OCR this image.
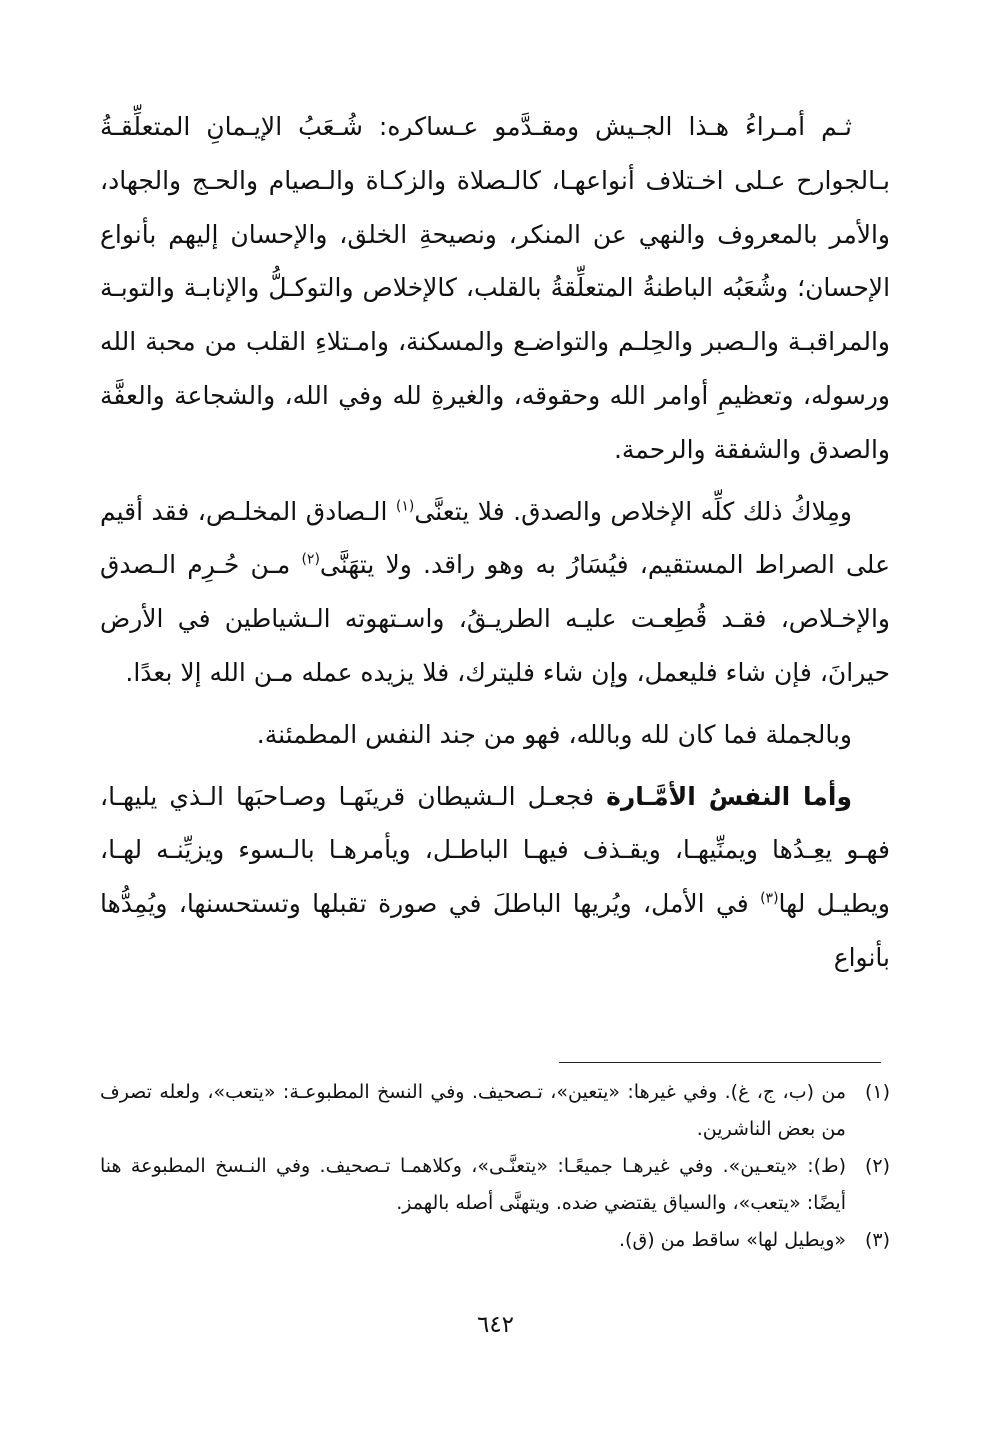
ثـم أمـراءُ هـذا الجـيش ومقـدَّمو عـساكره: شُـعَبُ الإيـمانِ المتعلِّقـةُ بـالجوارح عـلى اخـتلاف أنواعهـا، كالـصلاة والزكـاة والـصيام والحـج والجهاد، والأمر بالمعروف والنهي عن المنكر، ونصيحةِ الخلق، والإحسان إليهم بأنواع الإحسان؛ وشُعَبُه الباطنةُ المتعلِّقةُ بالقلب، كالإخلاص والتوكـلُّ والإنابـة والتوبـة والمراقبـة والـصبر والحِلـم والتواضـع والمسكنة، وامـتلاءِ القلب من محبة الله ورسوله، وتعظيمِ أوامر الله وحقوقه، والغيرةِ لله وفي الله، والشجاعة والعفَّة والصدق والشفقة والرحمة.

ومِلاكُ ذلك كلِّه الإخلاص والصدق. فلا يتعنَّى$^{(١)}$ الـصادق المخلـص، فقد أقيم على الصراط المستقيم، فيُسَارُ به وهو راقد. ولا يتهَنَّى$^{(٢)}$ مـن حُـرِم الـصدق والإخـلاص، فقـد قُطِعـت عليـه الطريـقُ، واسـتهوته الـشياطين في الأرض حيرانَ، فإن شاء فليعمل، وإن شاء فليترك، فلا يزيده عمله مـن الله إلا بعدًا.

وبالجملة فما كان لله وبالله، فهو من جند النفس المطمئنة.

وأما النفسُ الأمَّـارة فجعـل الـشيطان قرينَهـا وصـاحبَها الـذي يليهـا، فهـو يعِـدُها ويمنِّيهـا، ويقـذف فيهـا الباطـل، ويأمرهـا بالـسوء ويزيِّنـه لهـا، ويطيـل لها$^{(٣)}$ في الأمل، ويُريها الباطلَ في صورة تقبلها وتستحسنها، ويُمِدُّها بأنواع

(١)
من (ب، ج، غ). وفي غيرها: «يتعين»، تـصحيف. وفي النسخ المطبوعـة: «يتعب»، ولعله تصرف من بعض الناشرين.
(٢)
(ط): «يتعـين». وفي غيرهـا جميعًـا: «يتعنَّـى»، وكلاهمـا تـصحيف. وفي النـسخ المطبوعة هنا أيضًا: «يتعب»، والسياق يقتضي ضده. ويتهنَّى أصله بالهمز.
(٣)
«ويطيل لها» ساقط من (ق).
٦٤٢
